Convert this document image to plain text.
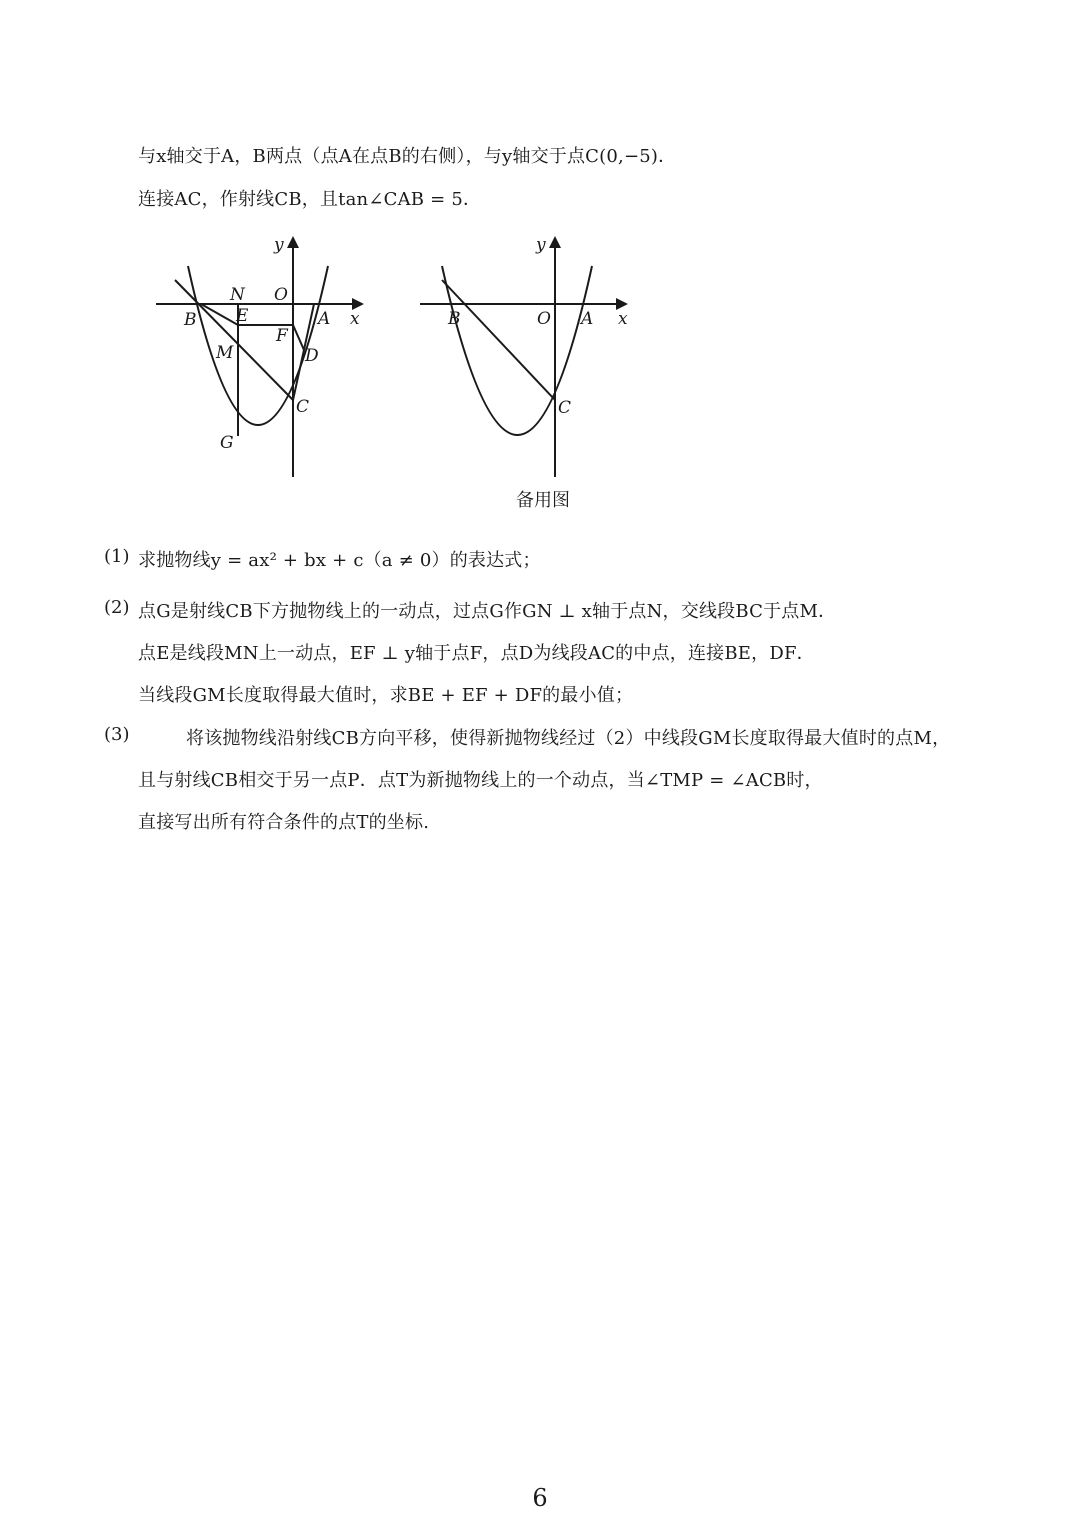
与x轴交于A，B两点（点A在点B的右侧），与y轴交于点C(0,−5)．
连接AC，作射线CB，且tan∠CAB = 5．
y
x
O
N
B E	A
F
M	D
C
G
y
x
B	O A
C
备用图
(1) 求抛物线y = ax² + bx + c（a ≠ 0）的表达式；
(2) 点G是射线CB下方抛物线上的一动点，过点G作GN ⊥ x轴于点N，交线段BC于点M．
点E是线段MN上一动点，EF ⊥ y轴于点F，点D为线段AC的中点，连接BE，DF．
当线段GM长度取得最大值时，求BE + EF + DF的最小值；
(3)	将该抛物线沿射线CB方向平移，使得新抛物线经过（2）中线段GM长度取得最大值时的点M，
且与射线CB相交于另一点P．点T为新抛物线上的一个动点，当∠TMP = ∠ACB时，
直接写出所有符合条件的点T的坐标.
6
